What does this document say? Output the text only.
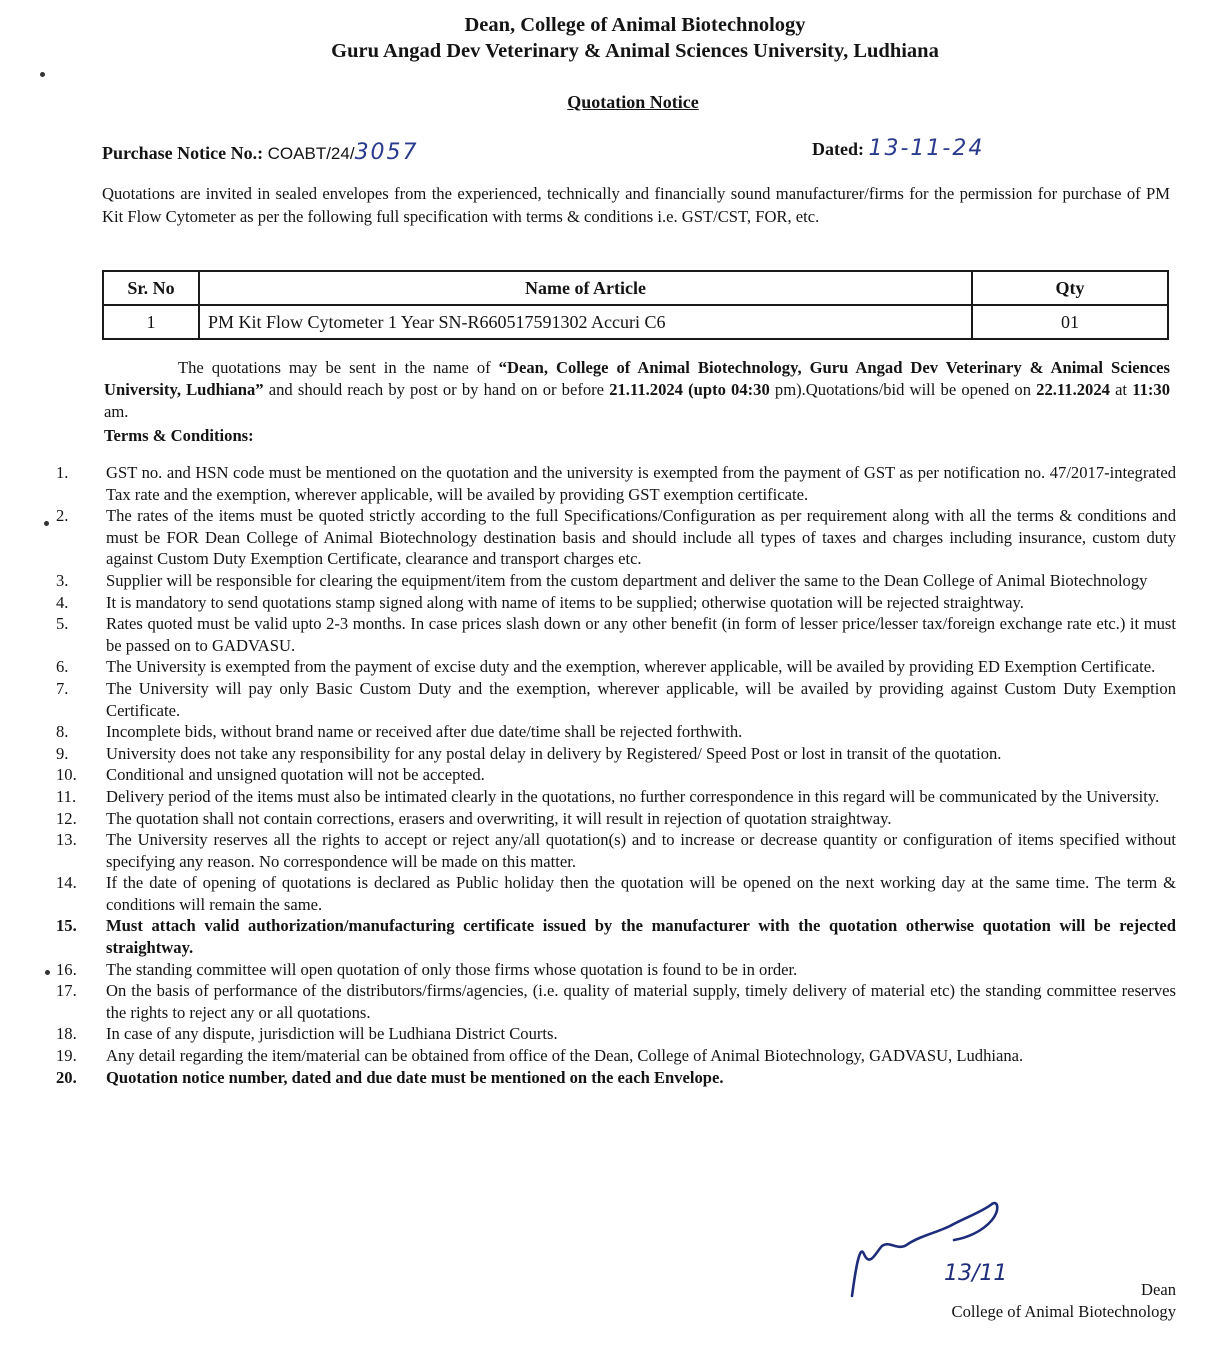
Dean, College of Animal Biotechnology
Guru Angad Dev Veterinary & Animal Sciences University, Ludhiana
Quotation Notice
Purchase Notice No.: COABT/24/3057	Dated: 13-11-24
Quotations are invited in sealed envelopes from the experienced, technically and financially sound manufacturer/firms for the permission for purchase of PM Kit Flow Cytometer as per the following full specification with terms & conditions i.e. GST/CST, FOR, etc.
Sr. No	Name of Article	Qty
1	PM Kit Flow Cytometer 1 Year SN-R660517591302 Accuri C6	01
The quotations may be sent in the name of “Dean, College of Animal Biotechnology, Guru Angad Dev Veterinary & Animal Sciences University, Ludhiana” and should reach by post or by hand on or before 21.11.2024 (upto 04:30 pm).Quotations/bid will be opened on 22.11.2024 at 11:30 am.
Terms & Conditions:
1.	GST no. and HSN code must be mentioned on the quotation and the university is exempted from the payment of GST as per notification no. 47/2017-integrated Tax rate and the exemption, wherever applicable, will be availed by providing GST exemption certificate.
2.	The rates of the items must be quoted strictly according to the full Specifications/Configuration as per requirement along with all the terms & conditions and must be FOR Dean College of Animal Biotechnology destination basis and should include all types of taxes and charges including insurance, custom duty against Custom Duty Exemption Certificate, clearance and transport charges etc.
3.	Supplier will be responsible for clearing the equipment/item from the custom department and deliver the same to the Dean College of Animal Biotechnology
4.	It is mandatory to send quotations stamp signed along with name of items to be supplied; otherwise quotation will be rejected straightway.
5.	Rates quoted must be valid upto 2-3 months. In case prices slash down or any other benefit (in form of lesser price/lesser tax/foreign exchange rate etc.) it must be passed on to GADVASU.
6.	The University is exempted from the payment of excise duty and the exemption, wherever applicable, will be availed by providing ED Exemption Certificate.
7.	The University will pay only Basic Custom Duty and the exemption, wherever applicable, will be availed by providing against Custom Duty Exemption Certificate.
8.	Incomplete bids, without brand name or received after due date/time shall be rejected forthwith.
9.	University does not take any responsibility for any postal delay in delivery by Registered/ Speed Post or lost in transit of the quotation.
10.	Conditional and unsigned quotation will not be accepted.
11.	Delivery period of the items must also be intimated clearly in the quotations, no further correspondence in this regard will be communicated by the University.
12.	The quotation shall not contain corrections, erasers and overwriting, it will result in rejection of quotation straightway.
13.	The University reserves all the rights to accept or reject any/all quotation(s) and to increase or decrease quantity or configuration of items specified without specifying any reason. No correspondence will be made on this matter.
14.	If the date of opening of quotations is declared as Public holiday then the quotation will be opened on the next working day at the same time. The term & conditions will remain the same.
15.	Must attach valid authorization/manufacturing certificate issued by the manufacturer with the quotation otherwise quotation will be rejected straightway.
16.	The standing committee will open quotation of only those firms whose quotation is found to be in order.
17.	On the basis of performance of the distributors/firms/agencies, (i.e. quality of material supply, timely delivery of material etc) the standing committee reserves the rights to reject any or all quotations.
18.	In case of any dispute, jurisdiction will be Ludhiana District Courts.
19.	Any detail regarding the item/material can be obtained from office of the Dean, College of Animal Biotechnology, GADVASU, Ludhiana.
20.	Quotation notice number, dated and due date must be mentioned on the each Envelope.
13/11
Dean
College of Animal Biotechnology
